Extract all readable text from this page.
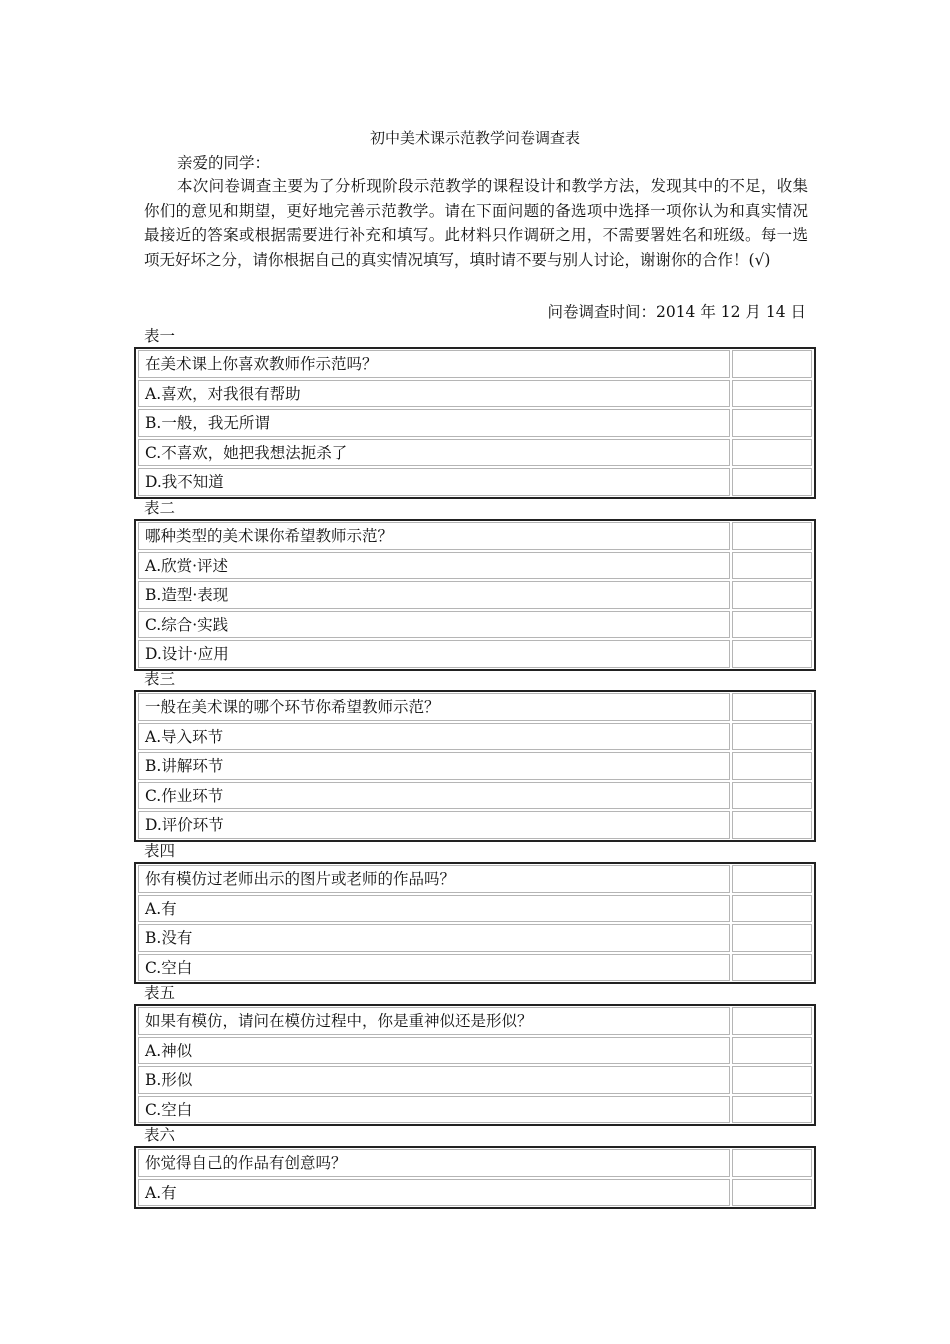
初中美术课示范教学问卷调查表
亲爱的同学：
本次问卷调查主要为了分析现阶段示范教学的课程设计和教学方法，发现其中的不足，收集你们的意见和期望，更好地完善示范教学。请在下面问题的备选项中选择一项你认为和真实情况最接近的答案或根据需要进行补充和填写。此材料只作调研之用，不需要署姓名和班级。每一选项无好坏之分，请你根据自己的真实情况填写，填时请不要与别人讨论，谢谢你的合作！(√)
问卷调查时间：2014 年 12 月 14 日
表一
在美术课上你喜欢教师作示范吗？
A.喜欢，对我很有帮助
B.一般，我无所谓
C.不喜欢，她把我想法扼杀了
D.我不知道
表二
哪种类型的美术课你希望教师示范？
A.欣赏·评述
B.造型·表现
C.综合·实践
D.设计·应用
表三
一般在美术课的哪个环节你希望教师示范？
A.导入环节
B.讲解环节
C.作业环节
D.评价环节
表四
你有模仿过老师出示的图片或老师的作品吗？
A.有
B.没有
C.空白
表五
如果有模仿，请问在模仿过程中，你是重神似还是形似？
A.神似
B.形似
C.空白
表六
你觉得自己的作品有创意吗？
A.有
